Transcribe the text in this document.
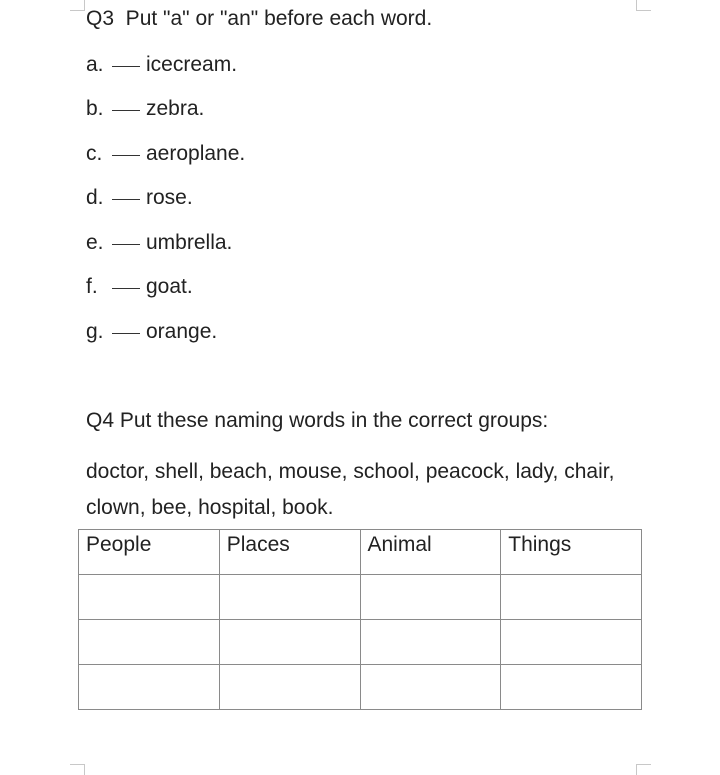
Q3  Put "a" or "an" before each word.
a. icecream.
b. zebra.
c. aeroplane.
d. rose.
e. umbrella.
f.	goat.
g. orange.
Q4 Put these naming words in the correct groups:

doctor, shell, beach, mouse, school, peacock, lady, chair, clown, bee, hospital, book.

People	Places	Animal	Things
